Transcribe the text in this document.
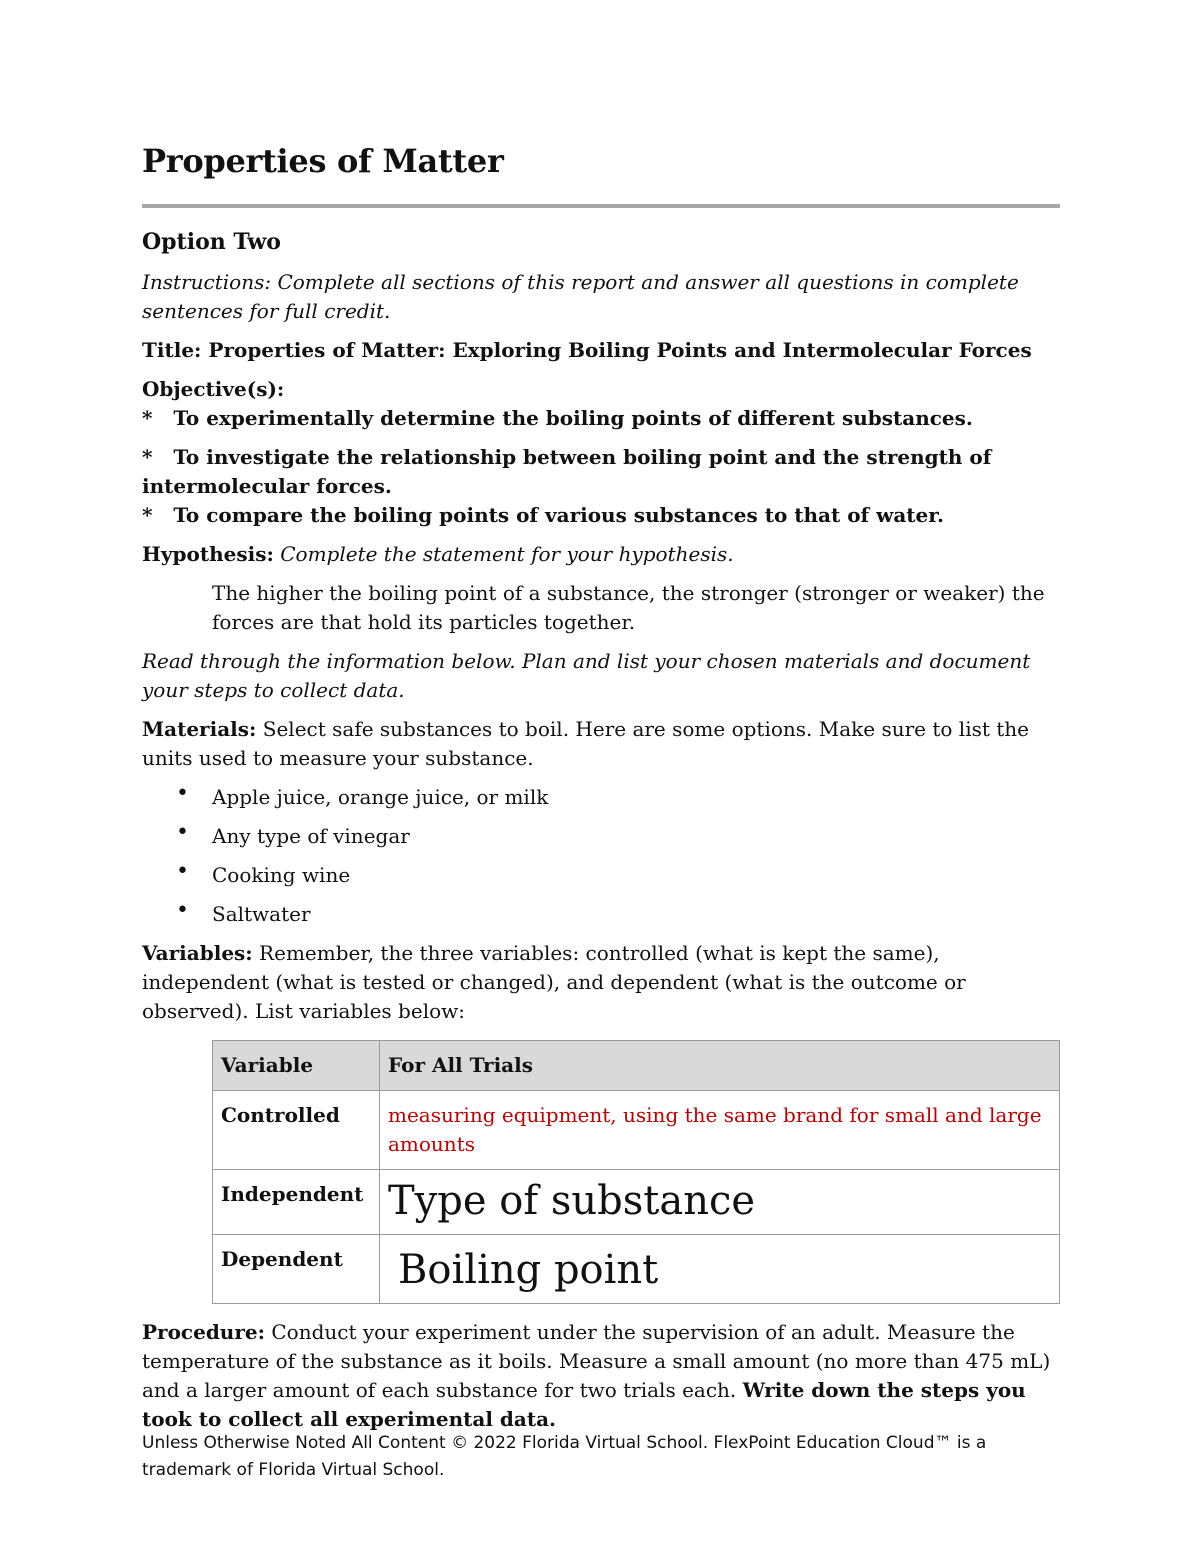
Properties of Matter
Option Two

Instructions: Complete all sections of this report and answer all questions in complete sentences for full credit.

Title: Properties of Matter: Exploring Boiling Points and Intermolecular Forces

Objective(s): *   To experimentally determine the boiling points of different substances.

*   To investigate the relationship between boiling point and the strength of intermolecular forces.

*   To compare the boiling points of various substances to that of water.

Hypothesis: Complete the statement for your hypothesis.

The higher the boiling point of a substance, the stronger (stronger or weaker) the forces are that hold its particles together.

Read through the information below. Plan and list your chosen materials and document your steps to collect data.

Materials: Select safe substances to boil. Here are some options. Make sure to list the units used to measure your substance.

• Apple juice, orange juice, or milk
• Any type of vinegar
• Cooking wine
• Saltwater

Variables: Remember, the three variables: controlled (what is kept the same), independent (what is tested or changed), and dependent (what is the outcome or observed). List variables below:

Variable	For All Trials
Controlled	measuring equipment, using the same brand for small and large amounts
Independent	Type of substance

Dependent	Boiling point

Procedure: Conduct your experiment under the supervision of an adult. Measure the temperature of the substance as it boils. Measure a small amount (no more than 475 mL) and a larger amount of each substance for two trials each. Write down the steps you took to collect all experimental data.

Unless Otherwise Noted All Content © 2022 Florida Virtual School. FlexPoint Education Cloud™ is a trademark of Florida Virtual School.
